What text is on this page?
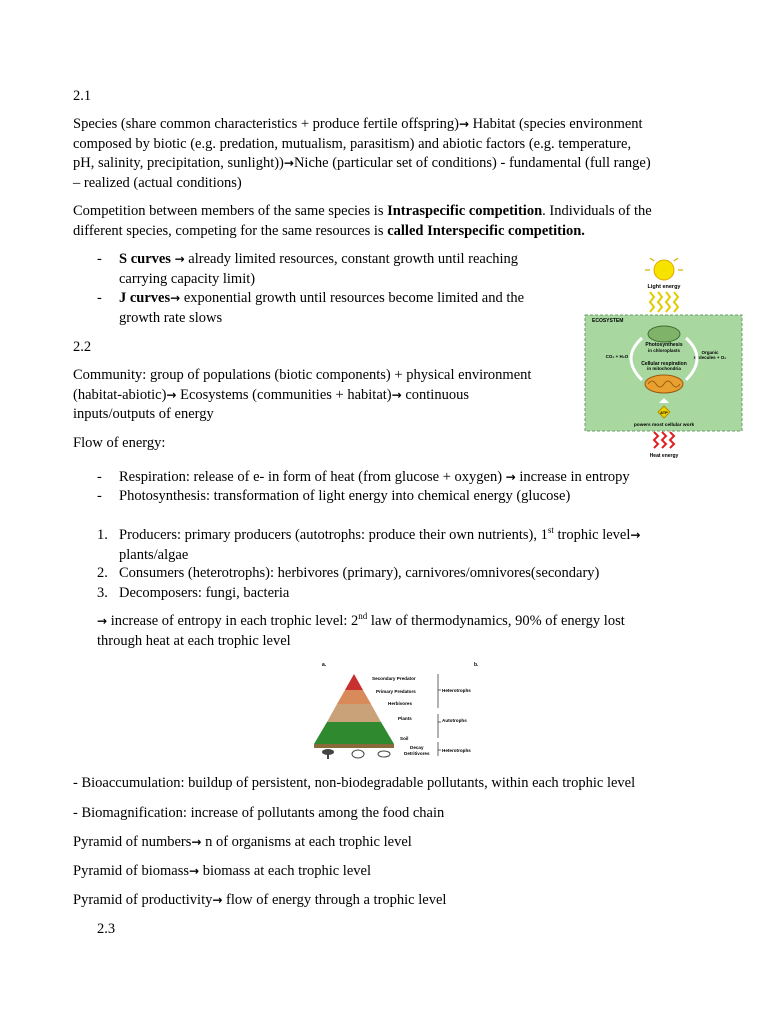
2.1
Species (share common characteristics + produce fertile offspring)→ Habitat (species environment
composed by biotic (e.g. predation, mutualism, parasitism) and abiotic factors (e.g. temperature,
pH, salinity, precipitation, sunlight))→Niche (particular set of conditions) - fundamental (full range)
– realized (actual conditions)
Competition between members of the same species is Intraspecific competition. Individuals of the
different species, competing for the same resources is called Interspecific competition.
- S curves → already limited resources, constant growth until reaching
carrying capacity limit)
- J curves→ exponential growth until resources become limited and the
growth rate slows
2.2
Community: group of populations (biotic components) + physical environment
(habitat-abiotic)→ Ecosystems (communities + habitat)→ continuous
inputs/outputs of energy
Flow of energy:
- Respiration: release of e- in form of heat (from glucose + oxygen) → increase in entropy
- Photosynthesis: transformation of light energy into chemical energy (glucose)
1. Producers: primary producers (autotrophs: produce their own nutrients), 1st trophic level→
plants/algae
2. Consumers (heterotrophs): herbivores (primary), carnivores/omnivores(secondary)
3. Decomposers: fungi, bacteria
→ increase of entropy in each trophic level: 2nd law of thermodynamics, 90% of energy lost
through heat at each trophic level
Light energy
ECOSYSTEM
Photosynthesis
in chloroplasts
CO₂ + H₂O
Organic
molecules + O₂
Cellular respiration
in mitochondria
ATP
powers most cellular work
Heat energy
a.	b.
Secondary Predator
Primary Predators
Herbivores
Plants
Soil
Decay
Detritivores
Heterotrophs
Autotrophs
Heterotrophs
- Bioaccumulation: buildup of persistent, non-biodegradable pollutants, within each trophic level
- Biomagnification: increase of pollutants among the food chain
Pyramid of numbers→ n of organisms at each trophic level
Pyramid of biomass→ biomass at each trophic level
Pyramid of productivity→ flow of energy through a trophic level
2.3
